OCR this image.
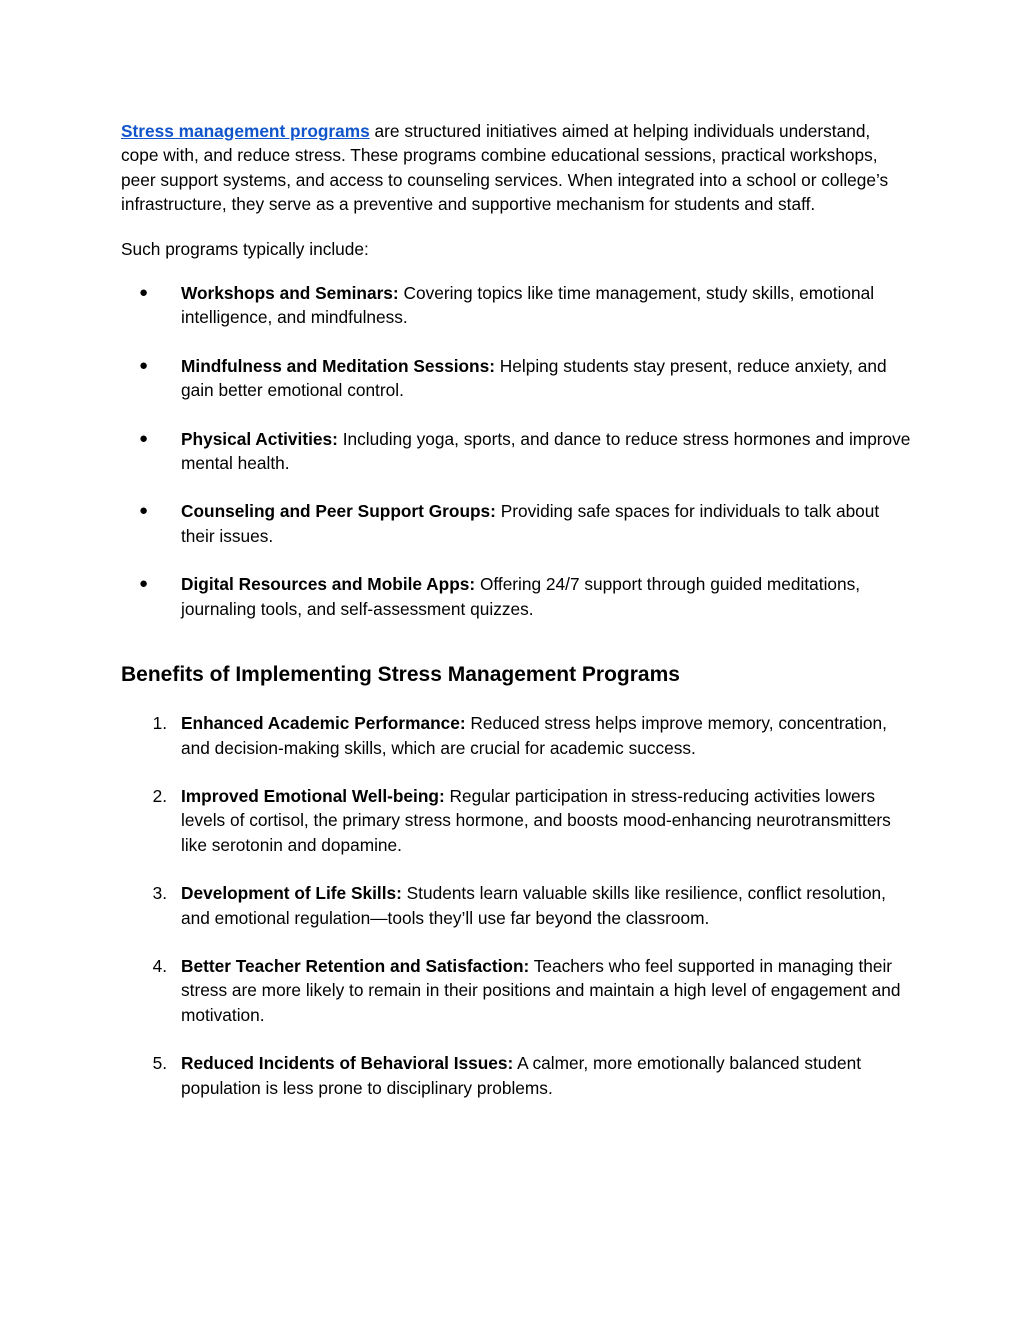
Stress management programs are structured initiatives aimed at helping individuals understand, cope with, and reduce stress. These programs combine educational sessions, practical workshops, peer support systems, and access to counseling services. When integrated into a school or college’s infrastructure, they serve as a preventive and supportive mechanism for students and staff.

Such programs typically include:

● Workshops and Seminars: Covering topics like time management, study skills, emotional intelligence, and mindfulness.
● Mindfulness and Meditation Sessions: Helping students stay present, reduce anxiety, and gain better emotional control.
● Physical Activities: Including yoga, sports, and dance to reduce stress hormones and improve mental health.
● Counseling and Peer Support Groups: Providing safe spaces for individuals to talk about their issues.
● Digital Resources and Mobile Apps: Offering 24/7 support through guided meditations, journaling tools, and self-assessment quizzes.
Benefits of Implementing Stress Management Programs
1. Enhanced Academic Performance: Reduced stress helps improve memory, concentration, and decision-making skills, which are crucial for academic success.
2. Improved Emotional Well-being: Regular participation in stress-reducing activities lowers levels of cortisol, the primary stress hormone, and boosts mood-enhancing neurotransmitters like serotonin and dopamine.
3. Development of Life Skills: Students learn valuable skills like resilience, conflict resolution, and emotional regulation—tools they’ll use far beyond the classroom.
4. Better Teacher Retention and Satisfaction: Teachers who feel supported in managing their stress are more likely to remain in their positions and maintain a high level of engagement and motivation.
5. Reduced Incidents of Behavioral Issues: A calmer, more emotionally balanced student population is less prone to disciplinary problems.
